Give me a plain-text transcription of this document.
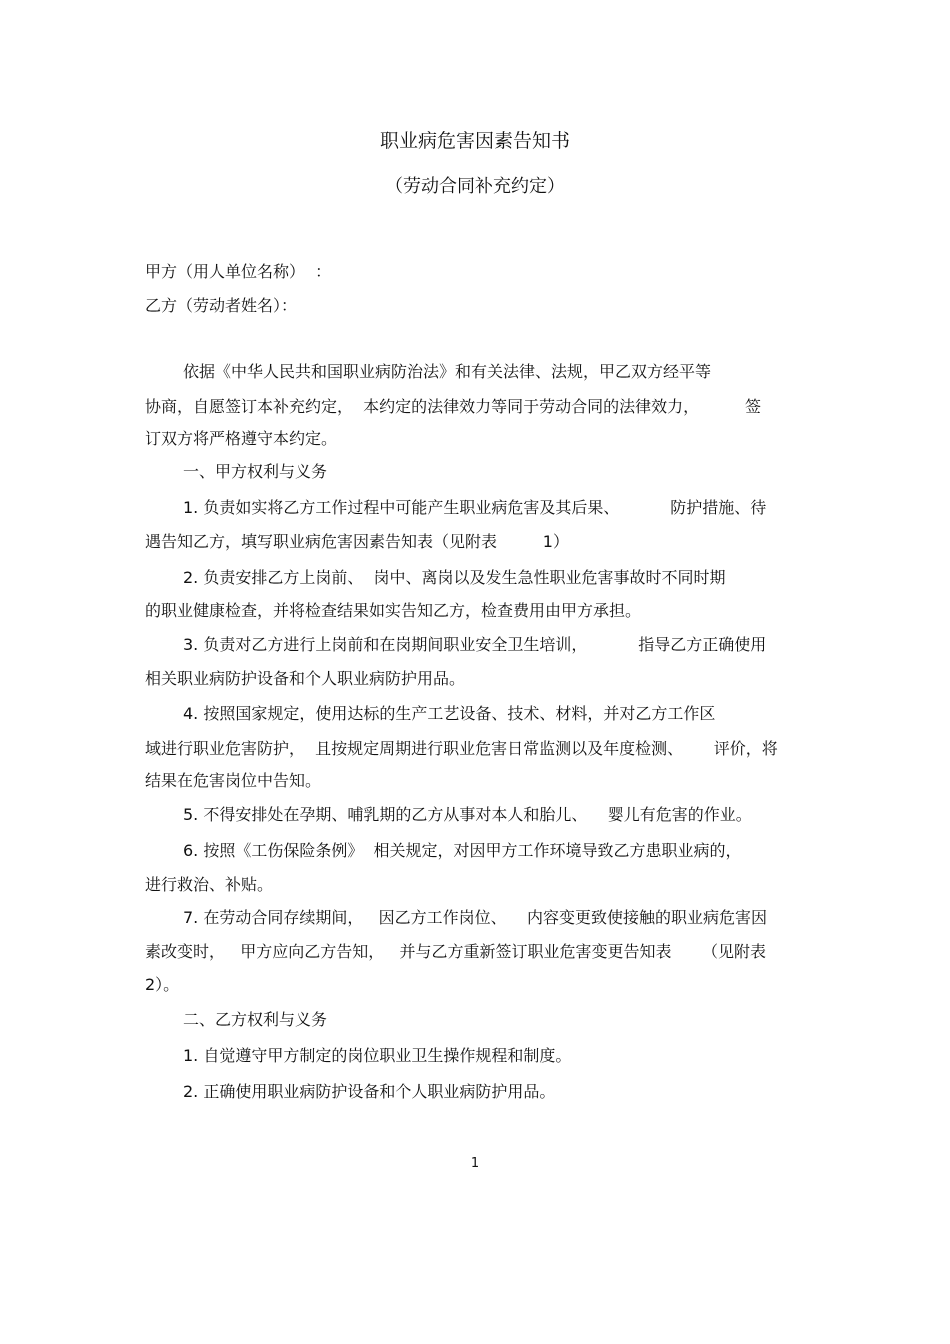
职业病危害因素告知书
（劳动合同补充约定）
甲方（用人单位名称）  ：
乙方（劳动者姓名）：
依据《中华人民共和国职业病防治法》和有关法律、法规，甲乙双方经平等
协商，自愿签订本补充约定，  本约定的法律效力等同于劳动合同的法律效力，         签
订双方将严格遵守本约定。
一、甲方权利与义务
1. 负责如实将乙方工作过程中可能产生职业病危害及其后果、          防护措施、待
遇告知乙方，填写职业病危害因素告知表（见附表         1）
2. 负责安排乙方上岗前、  岗中、离岗以及发生急性职业危害事故时不同时期
的职业健康检查，并将检查结果如实告知乙方，检查费用由甲方承担。
3. 负责对乙方进行上岗前和在岗期间职业安全卫生培训，          指导乙方正确使用
相关职业病防护设备和个人职业病防护用品。
4. 按照国家规定，使用达标的生产工艺设备、技术、材料，并对乙方工作区
域进行职业危害防护，  且按规定周期进行职业危害日常监测以及年度检测、      评价，将
结果在危害岗位中告知。
5. 不得安排处在孕期、哺乳期的乙方从事对本人和胎儿、    婴儿有危害的作业。
6. 按照《工伤保险条例》  相关规定，对因甲方工作环境导致乙方患职业病的，
进行救治、补贴。
7. 在劳动合同存续期间，   因乙方工作岗位、    内容变更致使接触的职业病危害因
素改变时，   甲方应向乙方告知，   并与乙方重新签订职业危害变更告知表      （见附表
2）。
二、乙方权利与义务
1. 自觉遵守甲方制定的岗位职业卫生操作规程和制度。
2. 正确使用职业病防护设备和个人职业病防护用品。
1
